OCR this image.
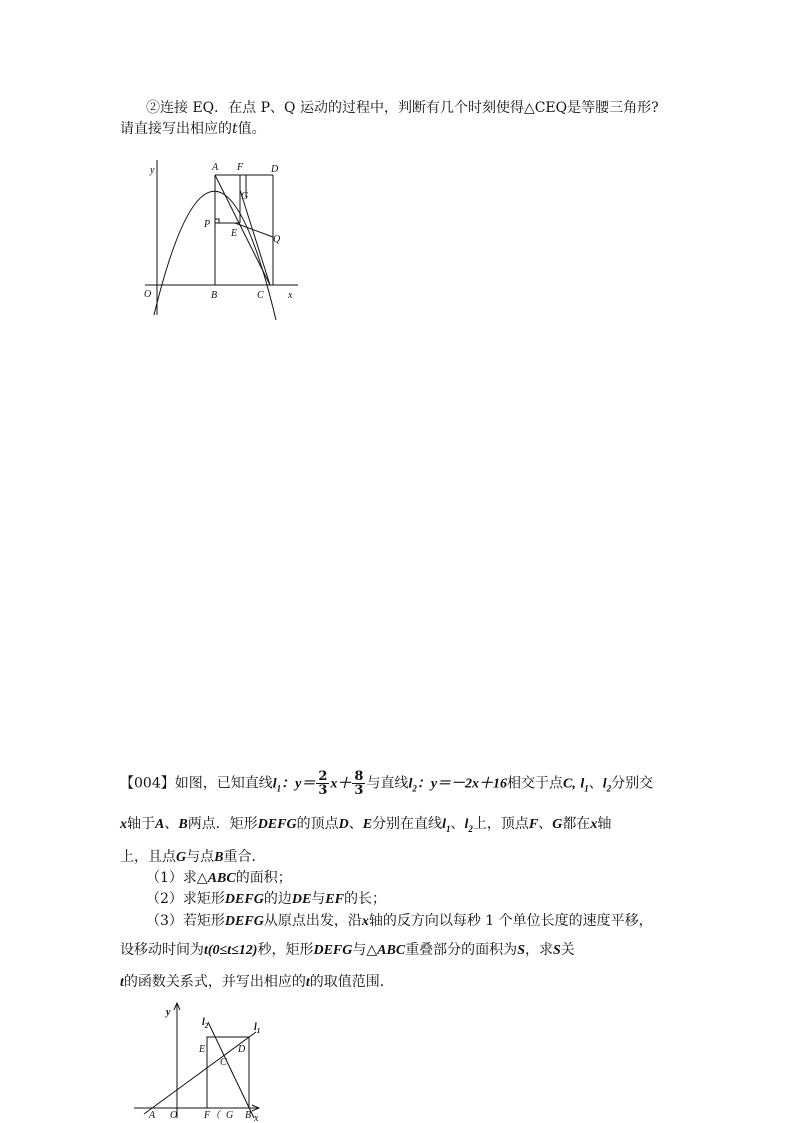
②连接 EQ．在点 P、Q 运动的过程中，判断有几个时刻使得△CEQ是等腰三角形?
请直接写出相应的t值。
y	A F	D
G
P
E
Q
O	B	C x
【004】如图，已知直线$l_1$：$y= \frac{2}{3} x+ \frac{8}{3}$ 与直线$l_2$：y＝－2x＋16相交于点C, $l_1$、$l_2$分别交
x轴于A、B两点．矩形DEFG的顶点D、E分别在直线$l_1$、$l_2$上，顶点F、G都在x轴
上，且点G与点B重合．
（1）求△ABC的面积；
（2）求矩形DEFG的边DE与EF的长；
（3）若矩形DEFG从原点出发，沿x轴的反方向以每秒 1 个单位长度的速度平移，
设移动时间为t(0≤t≤12)秒，矩形DEFG与△ABC重叠部分的面积为S，求S关
t的函数关系式，并写出相应的t的取值范围．
y
$l_2$	$l_1$
E	D
C
A O	F（ G B x
